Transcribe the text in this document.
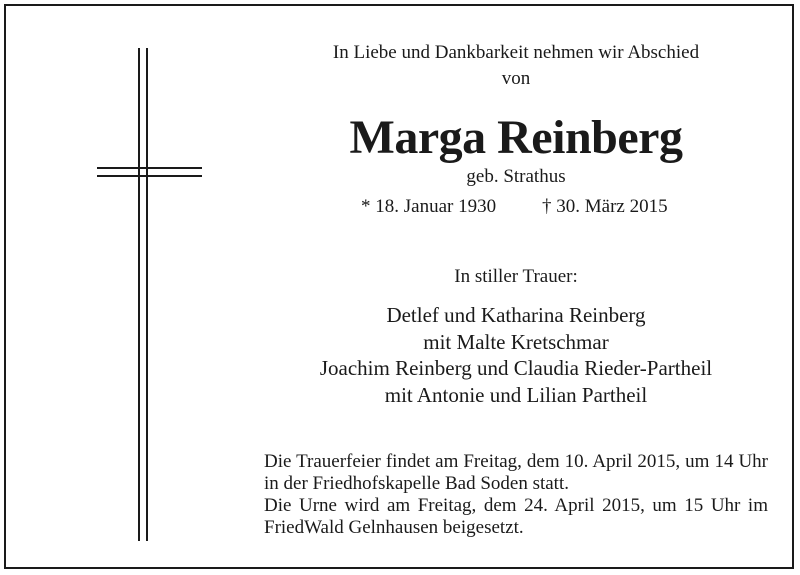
In Liebe und Dankbarkeit nehmen wir Abschied
von
Marga Reinberg
geb. Strathus
* 18. Januar 1930 † 30. März 2015
In stiller Trauer:
Detlef und Katharina Reinberg
mit Malte Kretschmar
Joachim Reinberg und Claudia Rieder-Partheil
mit Antonie und Lilian Partheil

Die Trauerfeier findet am Freitag, dem 10. April 2015, um 14 Uhr in der Friedhofskapelle Bad Soden statt.

Die Urne wird am Freitag, dem 24. April 2015, um 15 Uhr im FriedWald Gelnhausen beigesetzt.
